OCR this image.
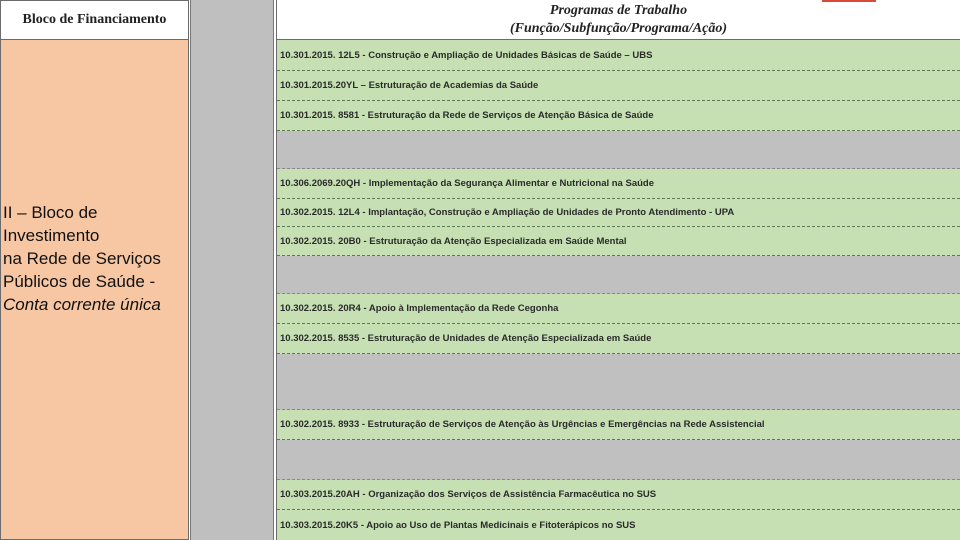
Bloco de Financiamento
II – Bloco de Investimento
na Rede de Serviços
Públicos de Saúde -
Conta corrente única
Programas de Trabalho
(Função/Subfunção/Programa/Ação)
10.301.2015. 12L5 - Construção e Ampliação de Unidades Básicas de Saúde – UBS
10.301.2015.20YL – Estruturação de Academias da Saúde
10.301.2015. 8581 - Estruturação da Rede de Serviços de Atenção Básica de Saúde
10.306.2069.20QH - Implementação da Segurança Alimentar e Nutricional na Saúde
10.302.2015. 12L4 - Implantação, Construção e Ampliação de Unidades de Pronto Atendimento - UPA
10.302.2015. 20B0 - Estruturação da Atenção Especializada em Saúde Mental
10.302.2015. 20R4 - Apoio à Implementação da Rede Cegonha
10.302.2015. 8535 - Estruturação de Unidades de Atenção Especializada em Saúde
10.302.2015. 8933 - Estruturação de Serviços de Atenção às Urgências e Emergências na Rede Assistencial
10.303.2015.20AH - Organização dos Serviços de Assistência Farmacêutica no SUS
10.303.2015.20K5 - Apoio ao Uso de Plantas Medicinais e Fitoterápicos no SUS
